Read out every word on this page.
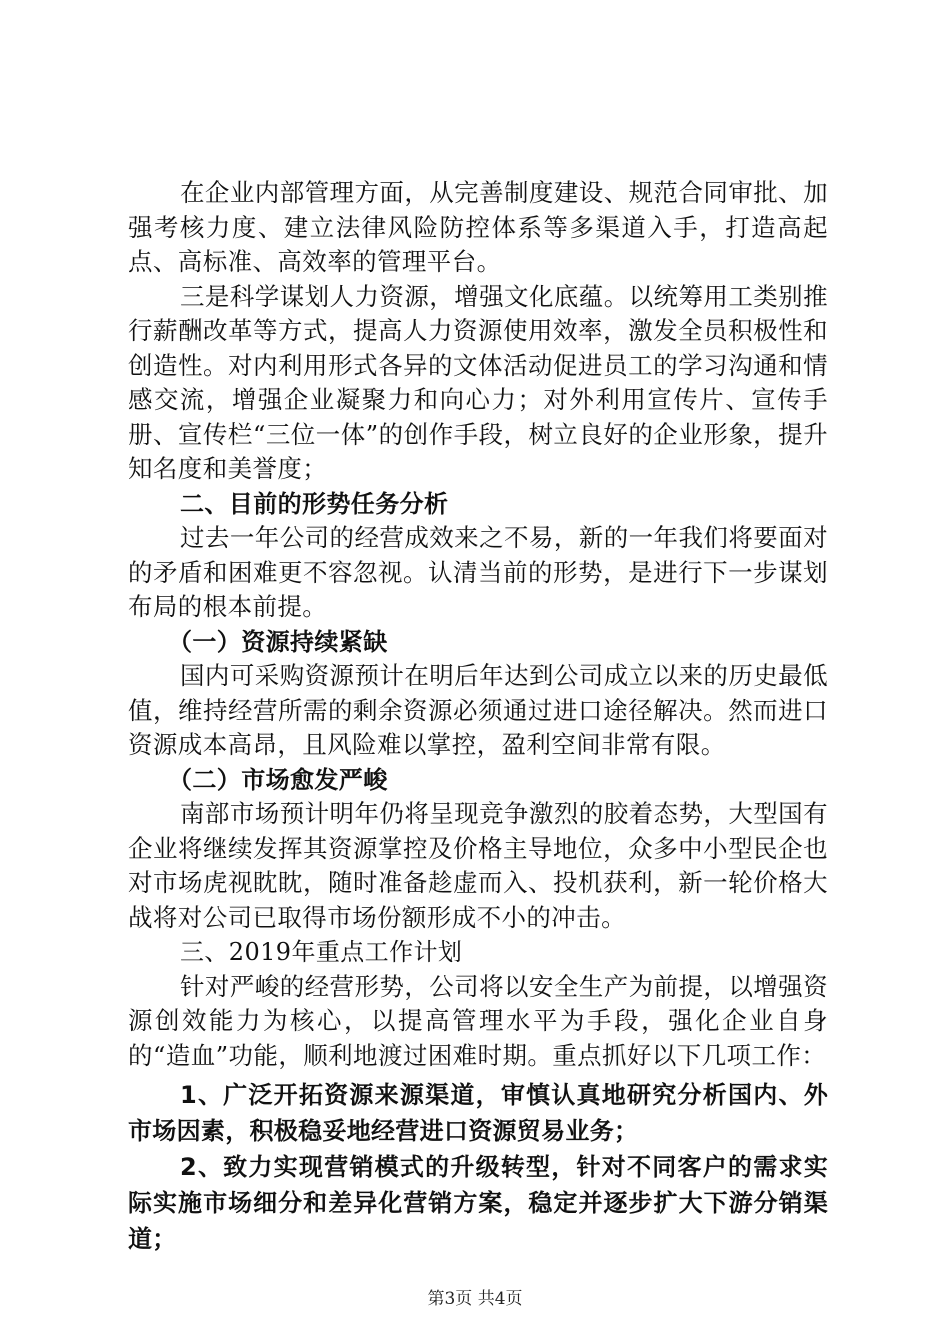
在企业内部管理方面，从完善制度建设、规范合同审批、加强考核力度、建立法律风险防控体系等多渠道入手，打造高起点、高标准、高效率的管理平台。

三是科学谋划人力资源，增强文化底蕴。以统筹用工类别推行薪酬改革等方式，提高人力资源使用效率，激发全员积极性和创造性。对内利用形式各异的文体活动促进员工的学习沟通和情感交流，增强企业凝聚力和向心力；对外利用宣传片、宣传手册、宣传栏“三位一体”的创作手段，树立良好的企业形象，提升知名度和美誉度；

二、目前的形势任务分析

过去一年公司的经营成效来之不易，新的一年我们将要面对的矛盾和困难更不容忽视。认清当前的形势，是进行下一步谋划布局的根本前提。

（一）资源持续紧缺

国内可采购资源预计在明后年达到公司成立以来的历史最低值，维持经营所需的剩余资源必须通过进口途径解决。然而进口资源成本高昂，且风险难以掌控，盈利空间非常有限。

（二）市场愈发严峻

南部市场预计明年仍将呈现竞争激烈的胶着态势，大型国有企业将继续发挥其资源掌控及价格主导地位，众多中小型民企也对市场虎视眈眈，随时准备趁虚而入、投机获利，新一轮价格大战将对公司已取得市场份额形成不小的冲击。

三、2019年重点工作计划

针对严峻的经营形势，公司将以安全生产为前提，以增强资源创效能力为核心，以提高管理水平为手段，强化企业自身的“造血”功能，顺利地渡过困难时期。重点抓好以下几项工作：

1、广泛开拓资源来源渠道，审慎认真地研究分析国内、外市场因素，积极稳妥地经营进口资源贸易业务；

2、致力实现营销模式的升级转型，针对不同客户的需求实际实施市场细分和差异化营销方案，稳定并逐步扩大下游分销渠道；

第3页 共4页
